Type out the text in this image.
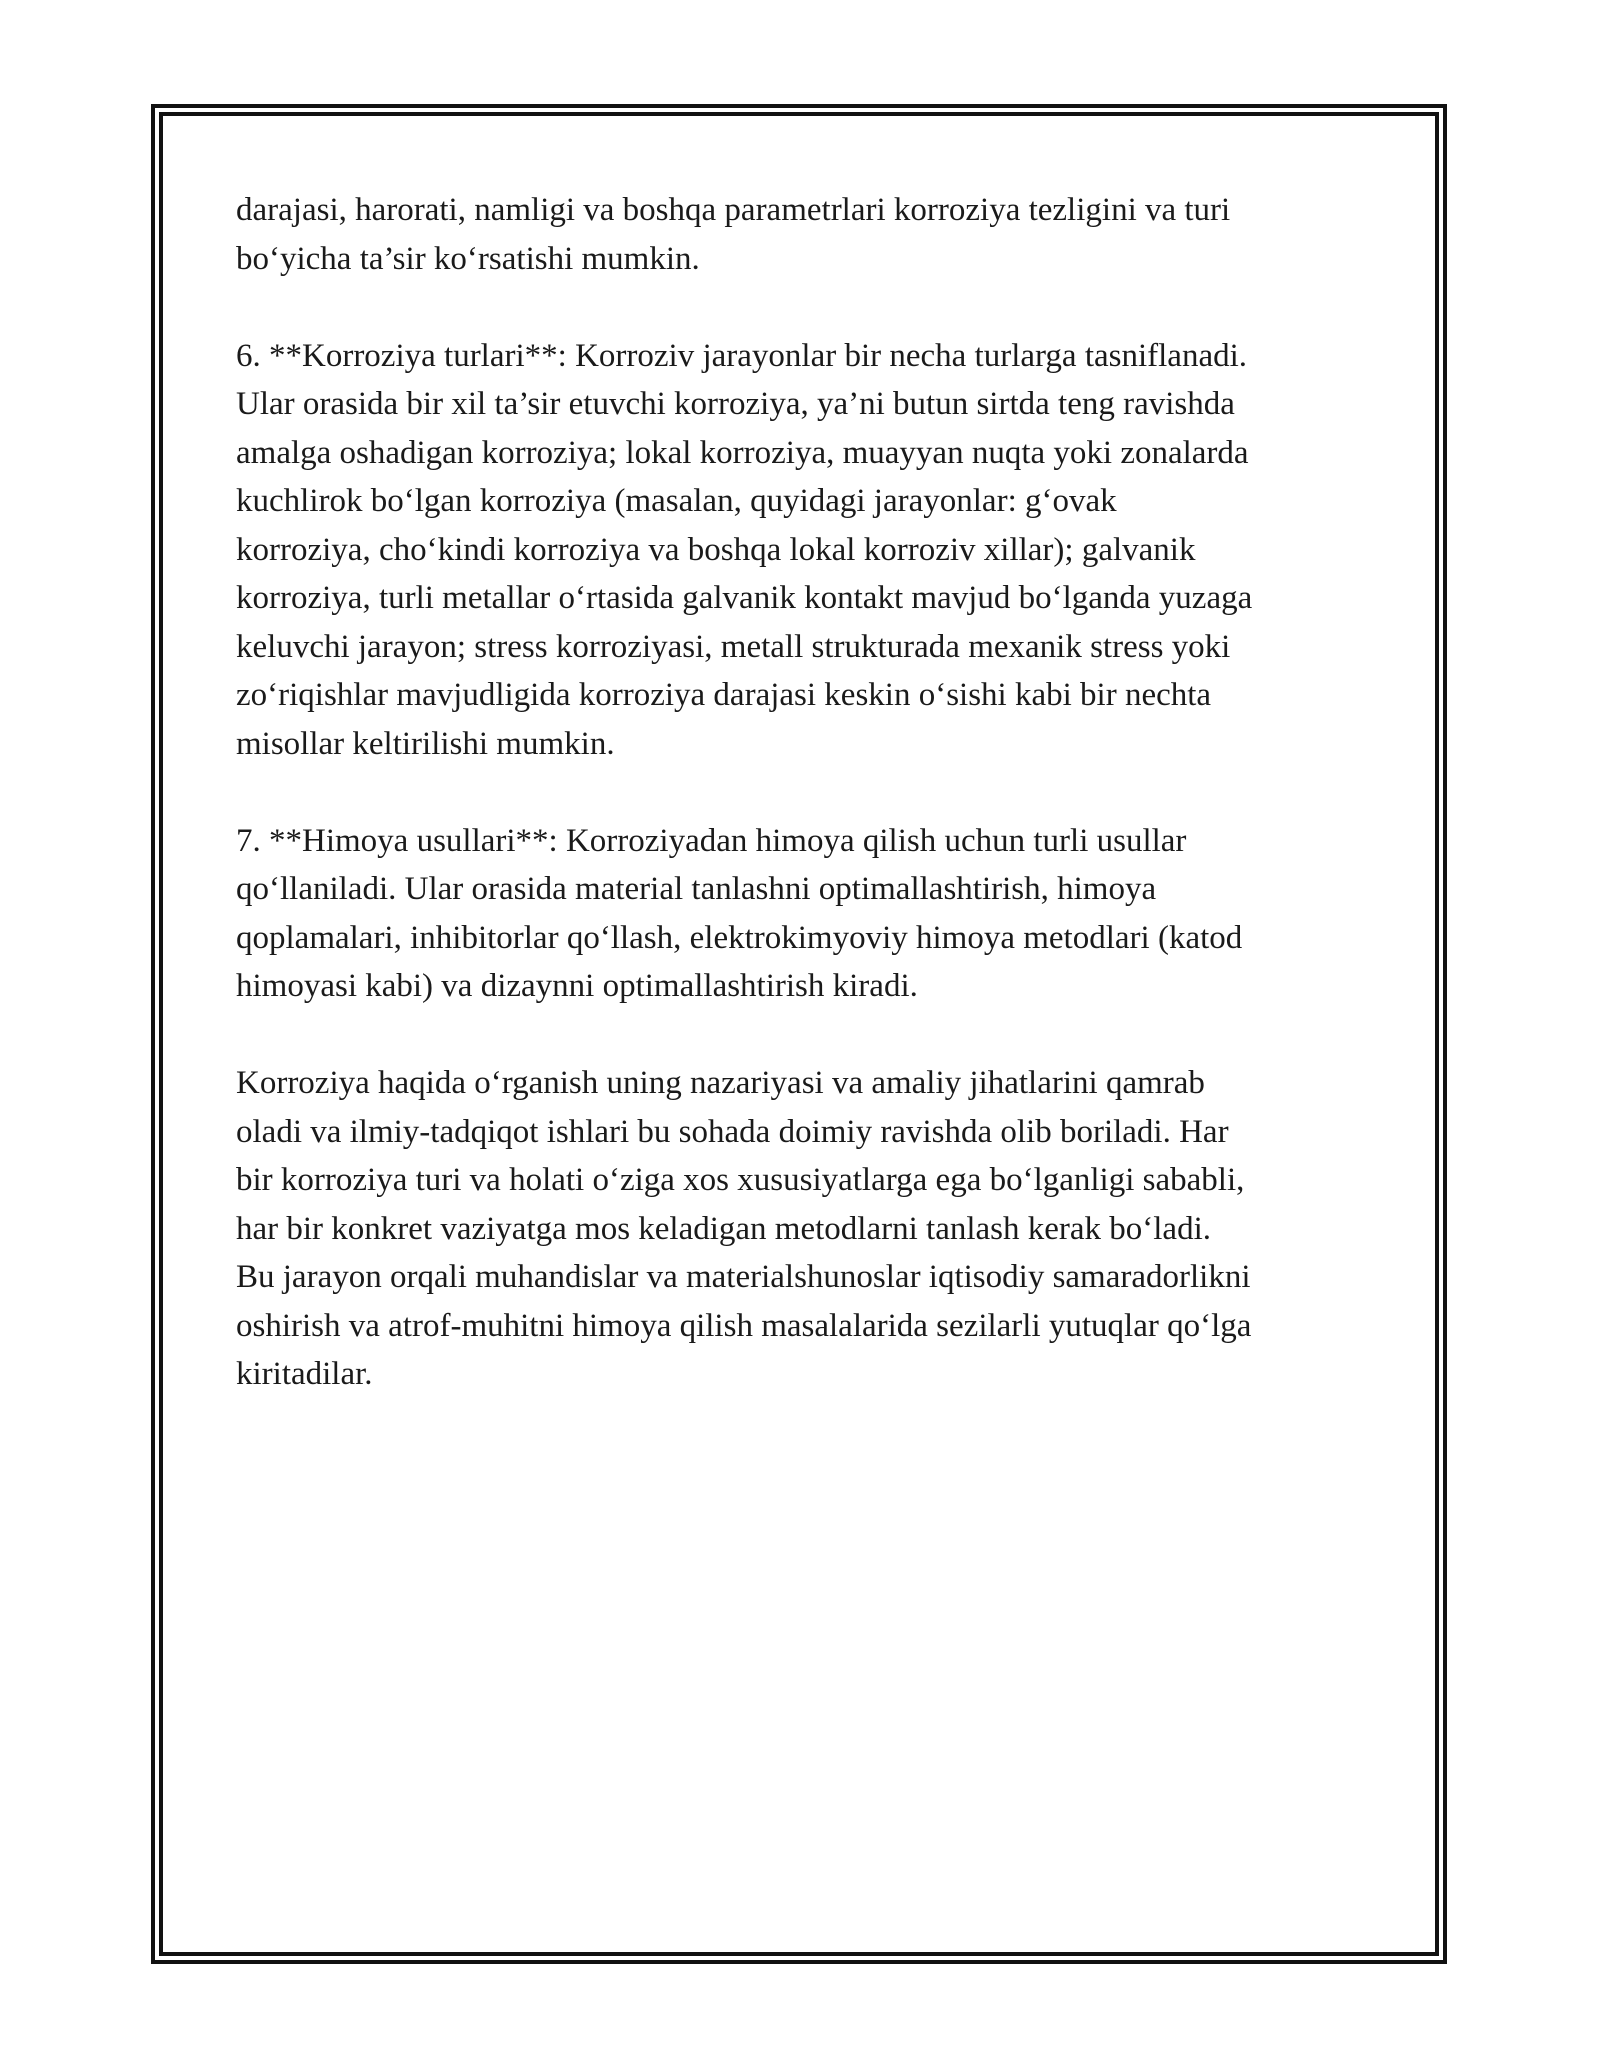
darajasi, harorati, namligi va boshqa parametrlari korroziya tezligini va turi
bo‘yicha ta’sir ko‘rsatishi mumkin.

6. **Korroziya turlari**: Korroziv jarayonlar bir necha turlarga tasniflanadi.
Ular orasida bir xil ta’sir etuvchi korroziya, ya’ni butun sirtda teng ravishda
amalga oshadigan korroziya; lokal korroziya, muayyan nuqta yoki zonalarda
kuchlirok bo‘lgan korroziya (masalan, quyidagi jarayonlar: g‘ovak
korroziya, cho‘kindi korroziya va boshqa lokal korroziv xillar); galvanik
korroziya, turli metallar o‘rtasida galvanik kontakt mavjud bo‘lganda yuzaga
keluvchi jarayon; stress korroziyasi, metall strukturada mexanik stress yoki
zo‘riqishlar mavjudligida korroziya darajasi keskin o‘sishi kabi bir nechta
misollar keltirilishi mumkin.

7. **Himoya usullari**: Korroziyadan himoya qilish uchun turli usullar
qo‘llaniladi. Ular orasida material tanlashni optimallashtirish, himoya
qoplamalari, inhibitorlar qo‘llash, elektrokimyoviy himoya metodlari (katod
himoyasi kabi) va dizaynni optimallashtirish kiradi.

Korroziya haqida o‘rganish uning nazariyasi va amaliy jihatlarini qamrab
oladi va ilmiy-tadqiqot ishlari bu sohada doimiy ravishda olib boriladi. Har
bir korroziya turi va holati o‘ziga xos xususiyatlarga ega bo‘lganligi sababli,
har bir konkret vaziyatga mos keladigan metodlarni tanlash kerak bo‘ladi.
Bu jarayon orqali muhandislar va materialshunoslar iqtisodiy samaradorlikni
oshirish va atrof-muhitni himoya qilish masalalarida sezilarli yutuqlar qo‘lga
kiritadilar.
